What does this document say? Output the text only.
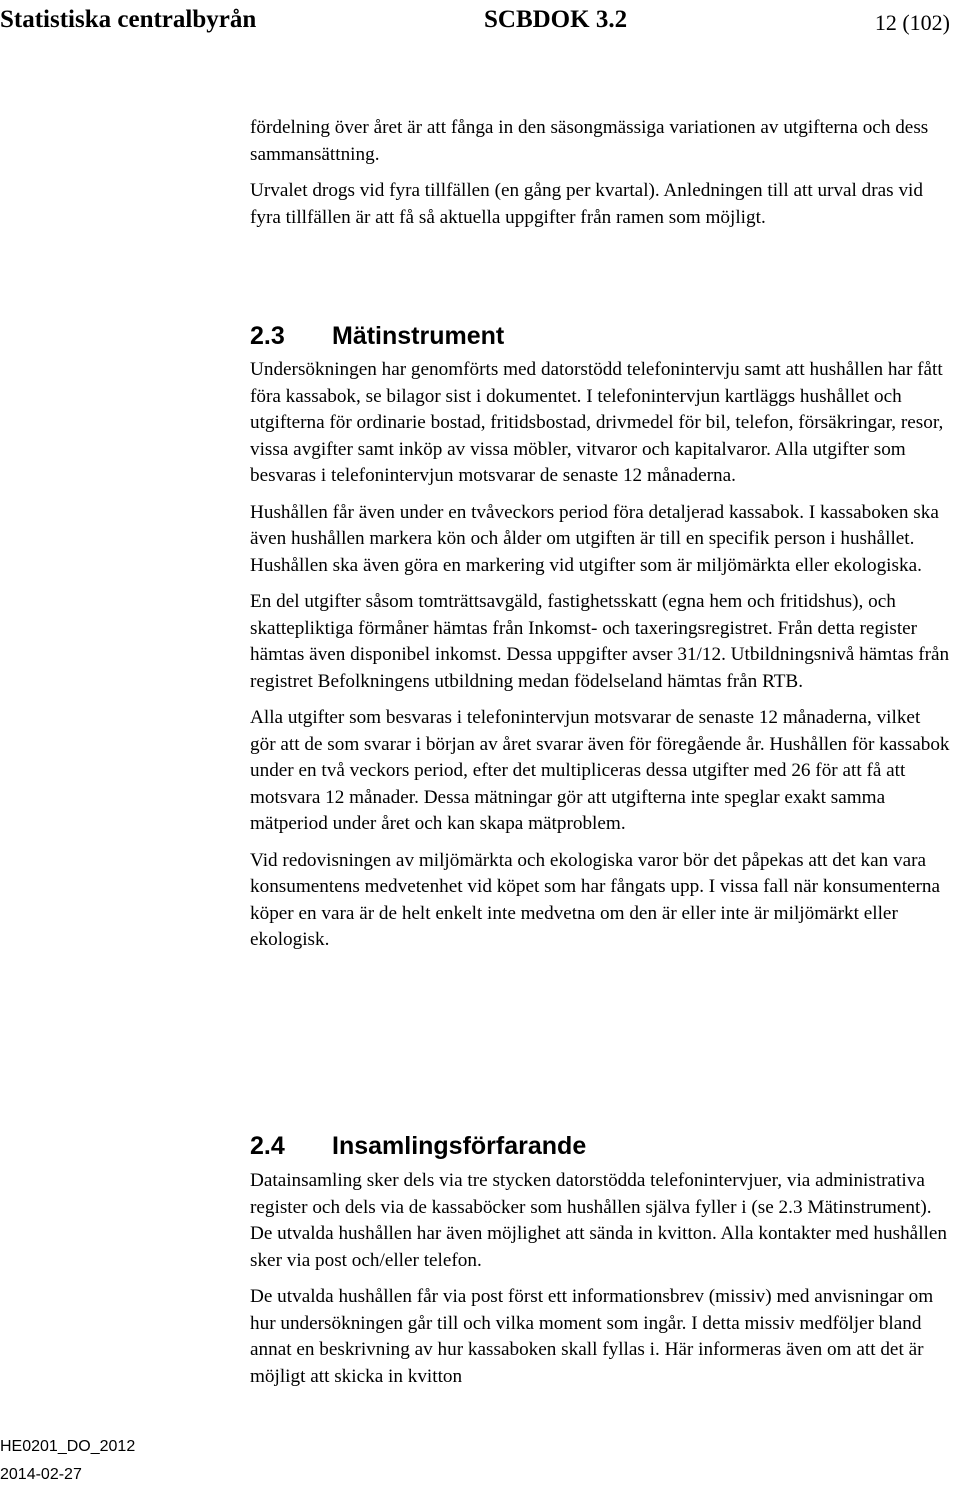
Statistiska centralbyrån	SCBDOK 3.2	12 (102)

fördelning över året är att fånga in den säsongmässiga variationen av utgifterna och dess sammansättning.

Urvalet drogs vid fyra tillfällen (en gång per kvartal). Anledningen till att urval dras vid fyra tillfällen är att få så aktuella uppgifter från ramen som möjligt.

2.3 Mätinstrument

Undersökningen har genomförts med datorstödd telefonintervju samt att hushållen har fått föra kassabok, se bilagor sist i dokumentet. I telefonintervjun kartläggs hushållet och utgifterna för ordinarie bostad, fritidsbostad, drivmedel för bil, telefon, försäkringar, resor, vissa avgifter samt inköp av vissa möbler, vitvaror och kapitalvaror. Alla utgifter som besvaras i telefonintervjun motsvarar de senaste 12 månaderna.

Hushållen får även under en tvåveckors period föra detaljerad kassabok. I kassaboken ska även hushållen markera kön och ålder om utgiften är till en specifik person i hushållet. Hushållen ska även göra en markering vid utgifter som är miljömärkta eller ekologiska.

En del utgifter såsom tomträttsavgäld, fastighetsskatt (egna hem och fritidshus), och skattepliktiga förmåner hämtas från Inkomst- och taxeringsregistret. Från detta register hämtas även disponibel inkomst. Dessa uppgifter avser 31/12. Utbildningsnivå hämtas från registret Befolkningens utbildning medan födelseland hämtas från RTB.

Alla utgifter som besvaras i telefonintervjun motsvarar de senaste 12 månaderna, vilket gör att de som svarar i början av året svarar även för föregående år. Hushållen för kassabok under en två veckors period, efter det multipliceras dessa utgifter med 26 för att få att motsvara 12 månader. Dessa mätningar gör att utgifterna inte speglar exakt samma mätperiod under året och kan skapa mätproblem.

Vid redovisningen av miljömärkta och ekologiska varor bör det påpekas att det kan vara konsumentens medvetenhet vid köpet som har fångats upp. I vissa fall när konsumenterna köper en vara är de helt enkelt inte medvetna om den är eller inte är miljömärkt eller ekologisk.

2.4 Insamlingsförfarande

Datainsamling sker dels via tre stycken datorstödda telefonintervjuer, via administrativa register och dels via de kassaböcker som hushållen själva fyller i (se 2.3 Mätinstrument). De utvalda hushållen har även möjlighet att sända in kvitton. Alla kontakter med hushållen sker via post och/eller telefon.

De utvalda hushållen får via post först ett informationsbrev (missiv) med anvisningar om hur undersökningen går till och vilka moment som ingår. I detta missiv medföljer bland annat en beskrivning av hur kassaboken skall fyllas i. Här informeras även om att det är möjligt att skicka in kvitton

HE0201_DO_2012
2014-02-27
